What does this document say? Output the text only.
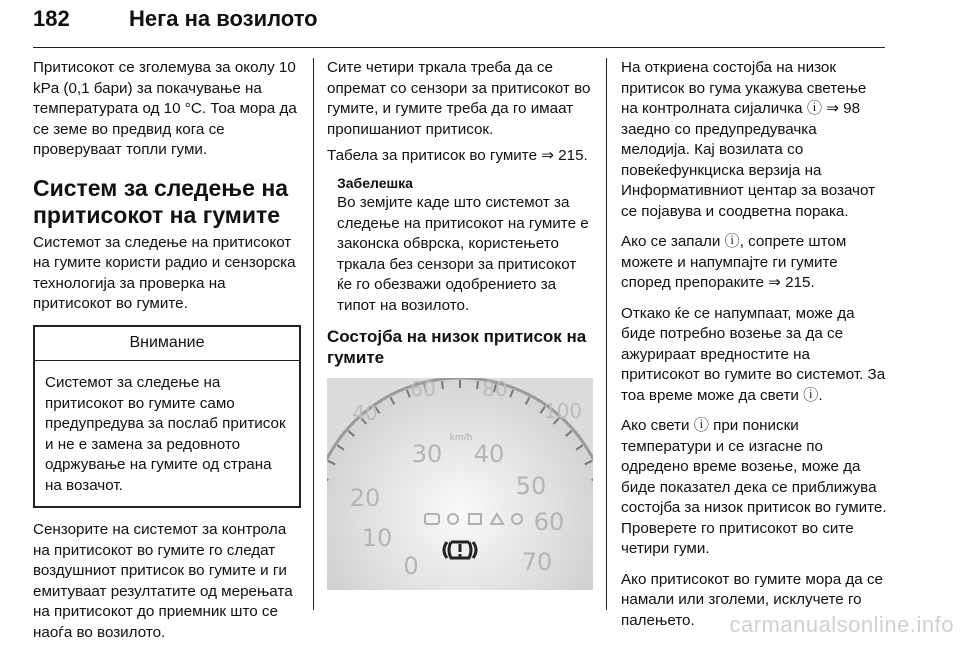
182	Нега на возилото

Притисокот се зголемува за околу 10 kPa (0,1 бари) за покачување на температурата од 10 °C. Тоа мора да се земе во предвид кога се проверуваат топли гуми.

Систем за следење на притисокот на гумите

Системот за следење на притисокот на гумите користи радио и сензорска технологија за проверка на притисокот во гумите.

Внимание
Системот за следење на притисокот во гумите само предупредува за послаб притисок и не е замена за редовното одржување на гумите од страна на возачот.

Сензорите на системот за контрола на притисокот во гумите го следат воздушниот притисок во гумите и ги емитуваат резултатите од мерењата на притисокот до приемник што се наоѓа во возилото.

Сите четири тркала треба да се опремат со сензори за притисокот во гумите, и гумите треба да го имаат пропишаниот притисок.

Табела за притисок во гумите ⇒ 215.

Забелешка
Во земјите каде што системот за следење на притисокот на гумите е законска обврска, користењето тркала без сензори за притисокот ќе го обезважи одобрението за типот на возилото.
Состојба на низок притисок на гумите
40
60 80
100
20
10
0
30 40
50
60
70
km/h

На откриена состојба на низок притисок во гума укажува светење на контролната сијаличка ⓘ ⇒ 98 заедно со предупредувачка мелодија. Кај возилата со повеќефункциска верзија на Информативниот центар за возачот се појавува и соодветна порака.

Ако се запали ⓘ, сопрете штом можете и напумпајте ги гумите според препораките ⇒ 215.

Откако ќе се напумпаат, може да биде потребно возење за да се ажурираат вредностите на притисокот во гумите во системот. За тоа време може да свети ⓘ.

Ако свети ⓘ при пониски температури и се изгасне по одредено време возење, може да биде показател дека се приближува состојба за низок притисок во гумите. Проверете го притисокот во сите четири гуми.

Ако притисокот во гумите мора да се намали или зголеми, исклучете го палењето.	carmanualsonline.info
